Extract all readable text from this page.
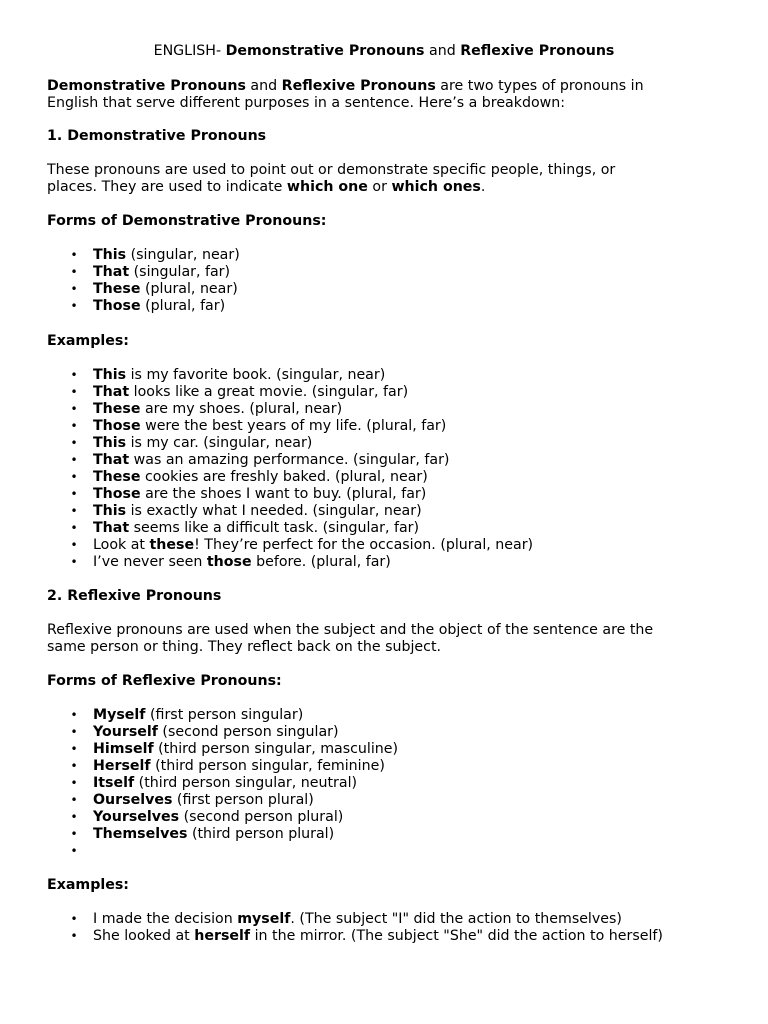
ENGLISH- Demonstrative Pronouns and Reflexive Pronouns

Demonstrative Pronouns and Reflexive Pronouns are two types of pronouns in

English that serve different purposes in a sentence. Here’s a breakdown:

1. Demonstrative Pronouns

These pronouns are used to point out or demonstrate specific people, things, or

places. They are used to indicate which one or which ones.

Forms of Demonstrative Pronouns:

• This (singular, near)
• That (singular, far)
• These (plural, near)
• Those (plural, far)

Examples:

• This is my favorite book. (singular, near)
• That looks like a great movie. (singular, far)
• These are my shoes. (plural, near)
• Those were the best years of my life. (plural, far)
• This is my car. (singular, near)
• That was an amazing performance. (singular, far)
• These cookies are freshly baked. (plural, near)
• Those are the shoes I want to buy. (plural, far)
• This is exactly what I needed. (singular, near)
• That seems like a difficult task. (singular, far)
• Look at these! They’re perfect for the occasion. (plural, near)
• I’ve never seen those before. (plural, far)

2. Reflexive Pronouns

Reflexive pronouns are used when the subject and the object of the sentence are the

same person or thing. They reflect back on the subject.

Forms of Reflexive Pronouns:

• Myself (first person singular)
• Yourself (second person singular)
• Himself (third person singular, masculine)
• Herself (third person singular, feminine)
• Itself (third person singular, neutral)
• Ourselves (first person plural)
• Yourselves (second person plural)
• Themselves (third person plural)
•

Examples:

• I made the decision myself. (The subject "I" did the action to themselves)
• She looked at herself in the mirror. (The subject "She" did the action to herself)
